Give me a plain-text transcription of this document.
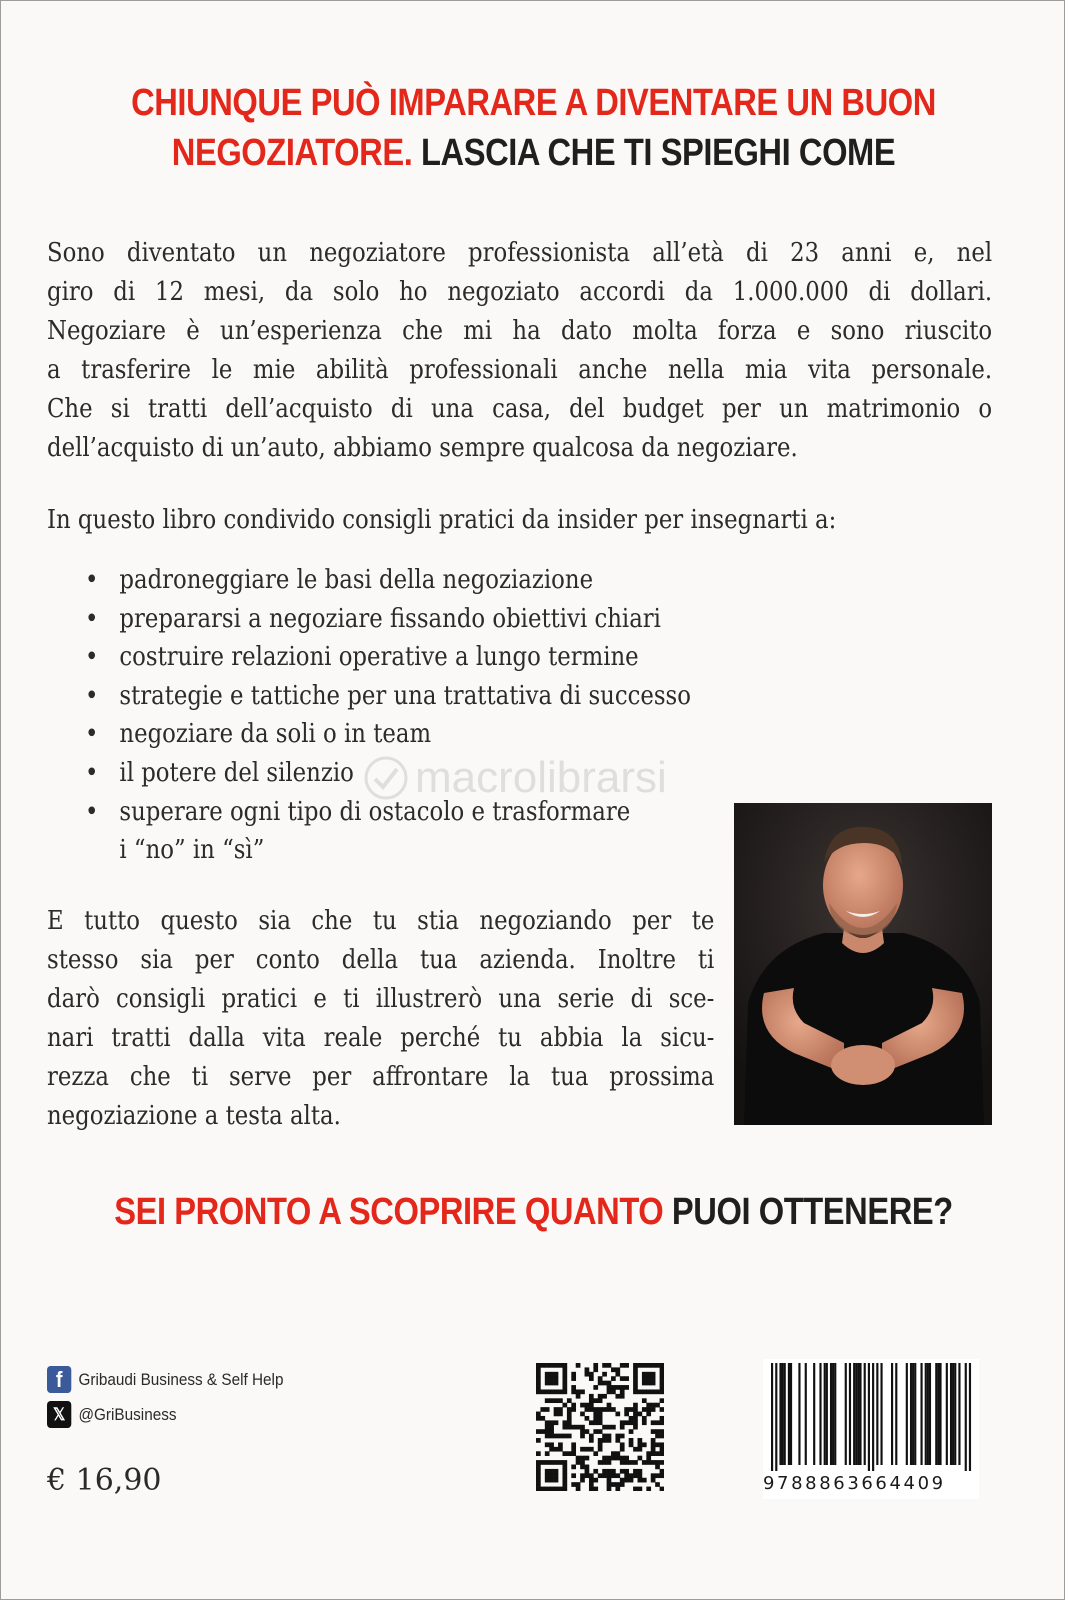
CHIUNQUE PUÒ IMPARARE A DIVENTARE UN BUON
NEGOZIATORE. LASCIA CHE TI SPIEGHI COME
Sono diventato un negoziatore professionista all’età di 23 anni e, nel
giro di 12 mesi, da solo ho negoziato accordi da 1.000.000 di dollari.
Negoziare è un’esperienza che mi ha dato molta forza e sono riuscito
a trasferire le mie abilità professionali anche nella mia vita personale.
Che si tratti dell’acquisto di una casa, del budget per un matrimonio o
dell’acquisto di un’auto, abbiamo sempre qualcosa da negoziare.
In questo libro condivido consigli pratici da insider per insegnarti a:
• padroneggiare le basi della negoziazione
• prepararsi a negoziare fissando obiettivi chiari
• costruire relazioni operative a lungo termine
• strategie e tattiche per una trattativa di successo
• negoziare da soli o in team
• il potere del silenzio
• superare ogni tipo di ostacolo e trasformare
i “no” in “sì”
E tutto questo sia che tu stia negoziando per te
stesso sia per conto della tua azienda. Inoltre ti
darò consigli pratici e ti illustrerò una serie di sce-
nari tratti dalla vita reale perché tu abbia la sicu-
rezza che ti serve per affrontare la tua prossima
negoziazione a testa alta.
macrolibrarsi
SEI PRONTO A SCOPRIRE QUANTO PUOI OTTENERE?
f Gribaudi Business & Self Help
𝕏 @GriBusiness
€ 16,90	9788863664409
